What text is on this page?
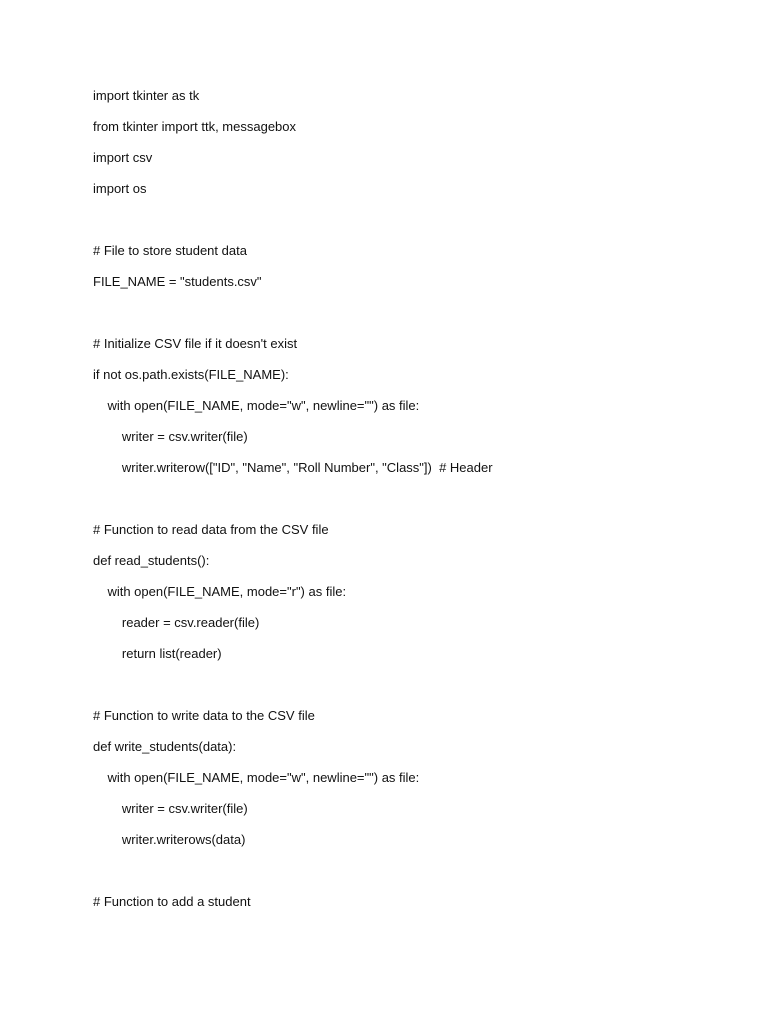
import tkinter as tk
from tkinter import ttk, messagebox
import csv
import os
# File to store student data
FILE_NAME = "students.csv"
# Initialize CSV file if it doesn't exist
if not os.path.exists(FILE_NAME):
with open(FILE_NAME, mode="w", newline="") as file:
writer = csv.writer(file)
writer.writerow(["ID", "Name", "Roll Number", "Class"])  # Header
# Function to read data from the CSV file
def read_students():
with open(FILE_NAME, mode="r") as file:
reader = csv.reader(file)
return list(reader)
# Function to write data to the CSV file
def write_students(data):
with open(FILE_NAME, mode="w", newline="") as file:
writer = csv.writer(file)
writer.writerows(data)
# Function to add a student
